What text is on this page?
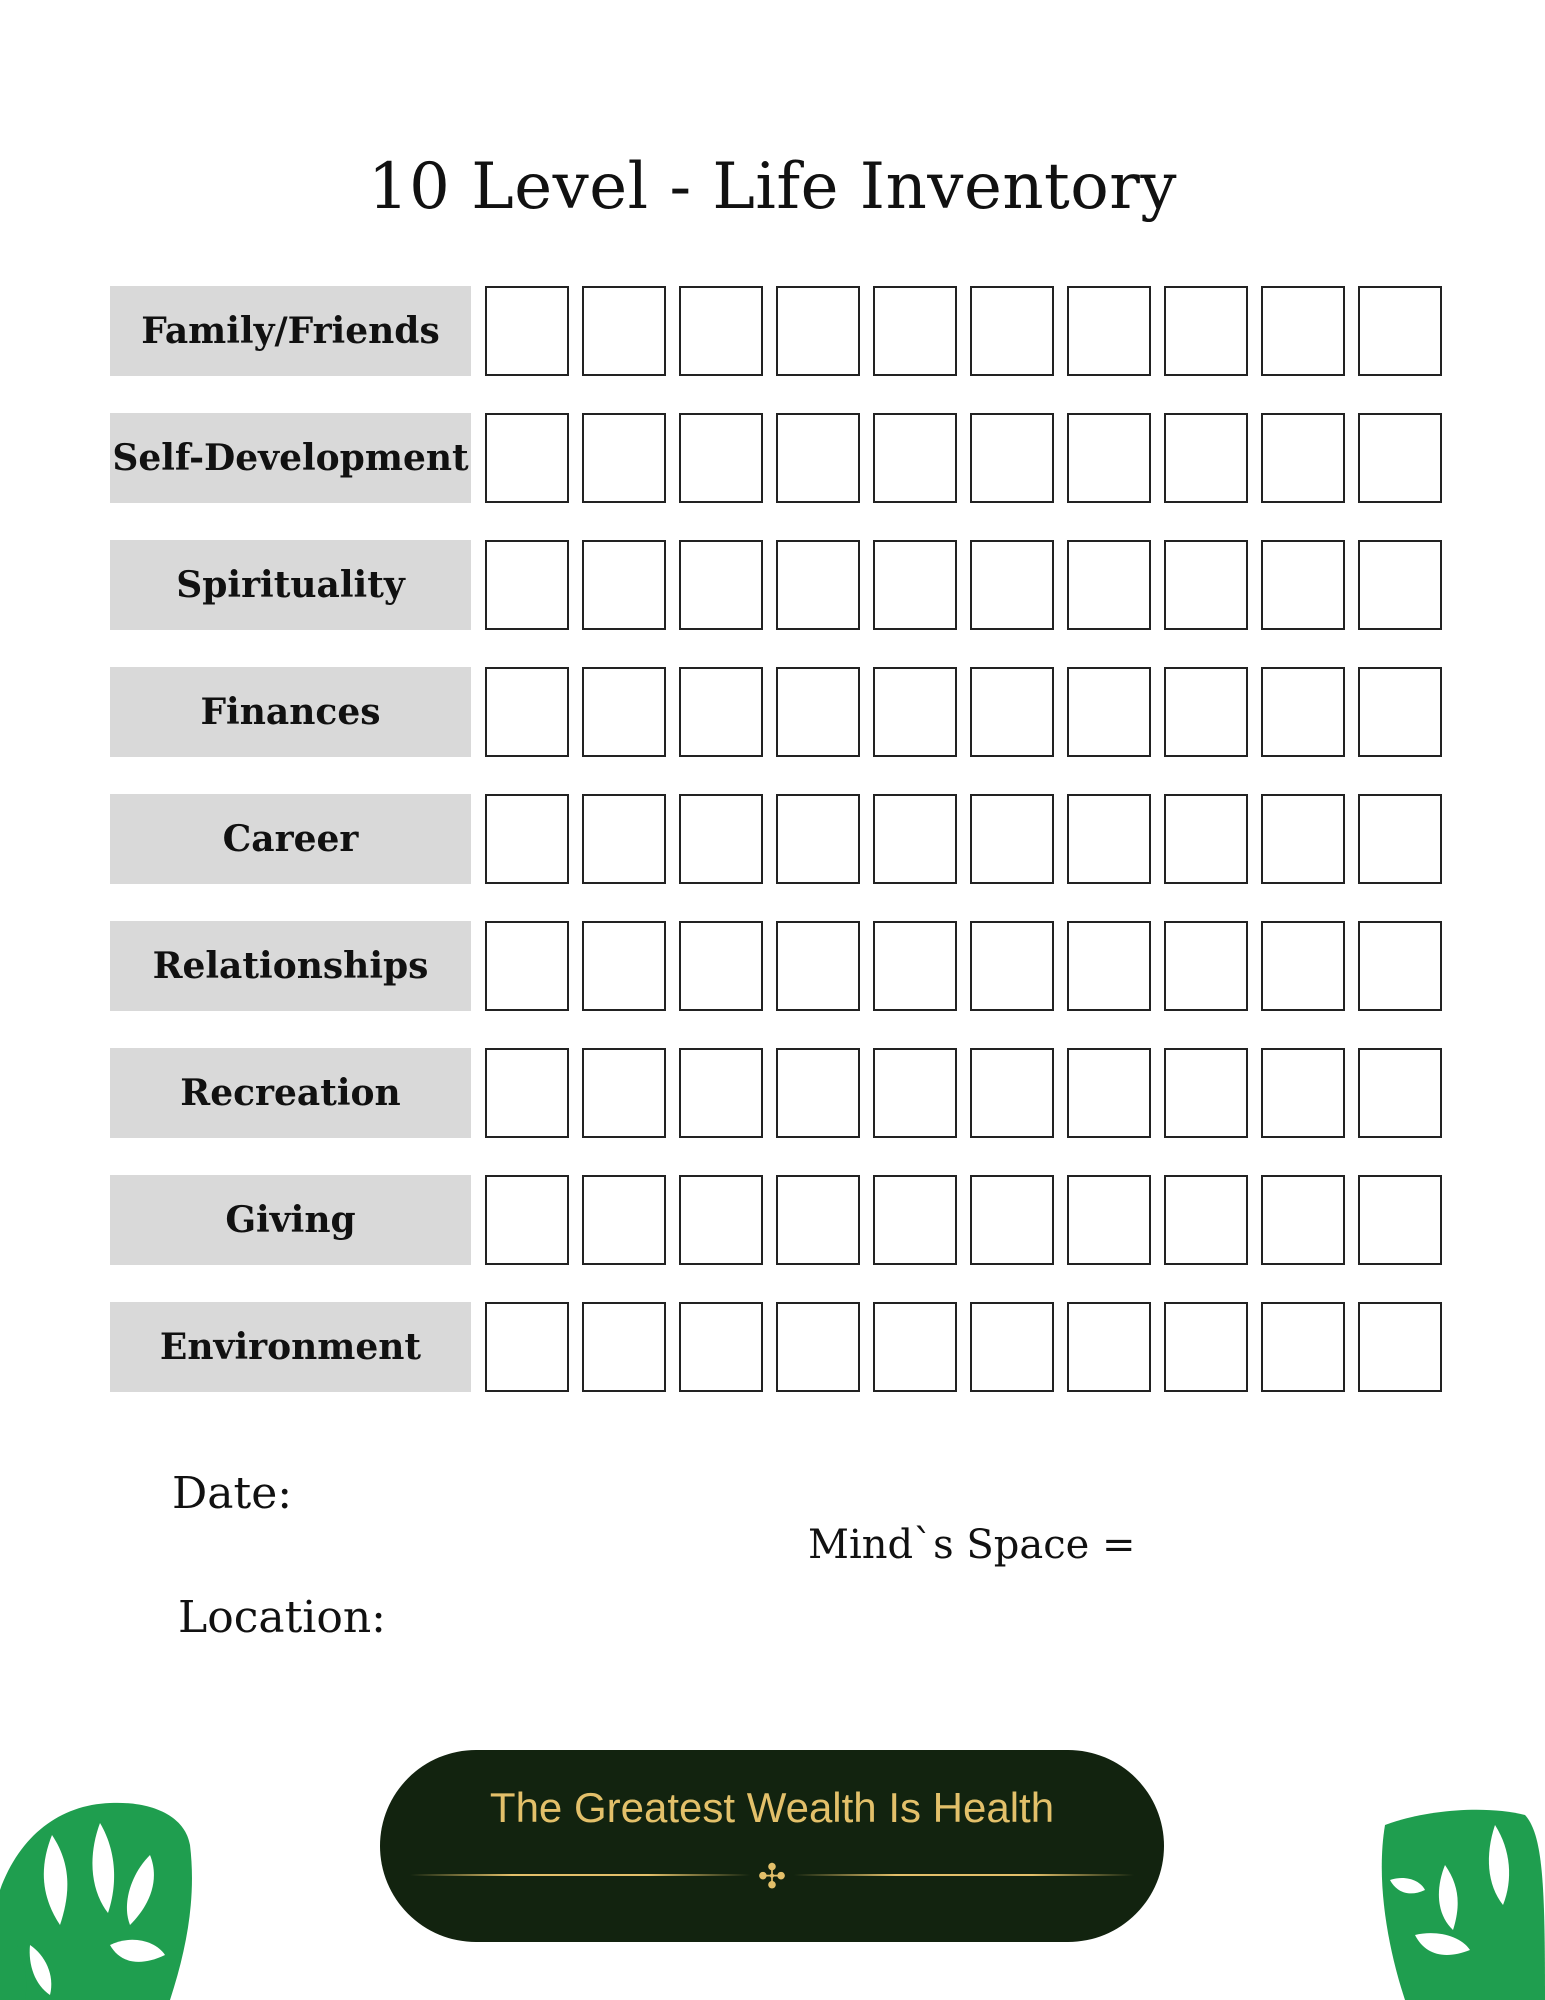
10 Level - Life Inventory
Family/Friends
Self-Development
Spirituality
Finances
Career
Relationships
Recreation
Giving
Environment
Date:
Location:
Mind`s Space =
The Greatest Wealth Is Health
✣
